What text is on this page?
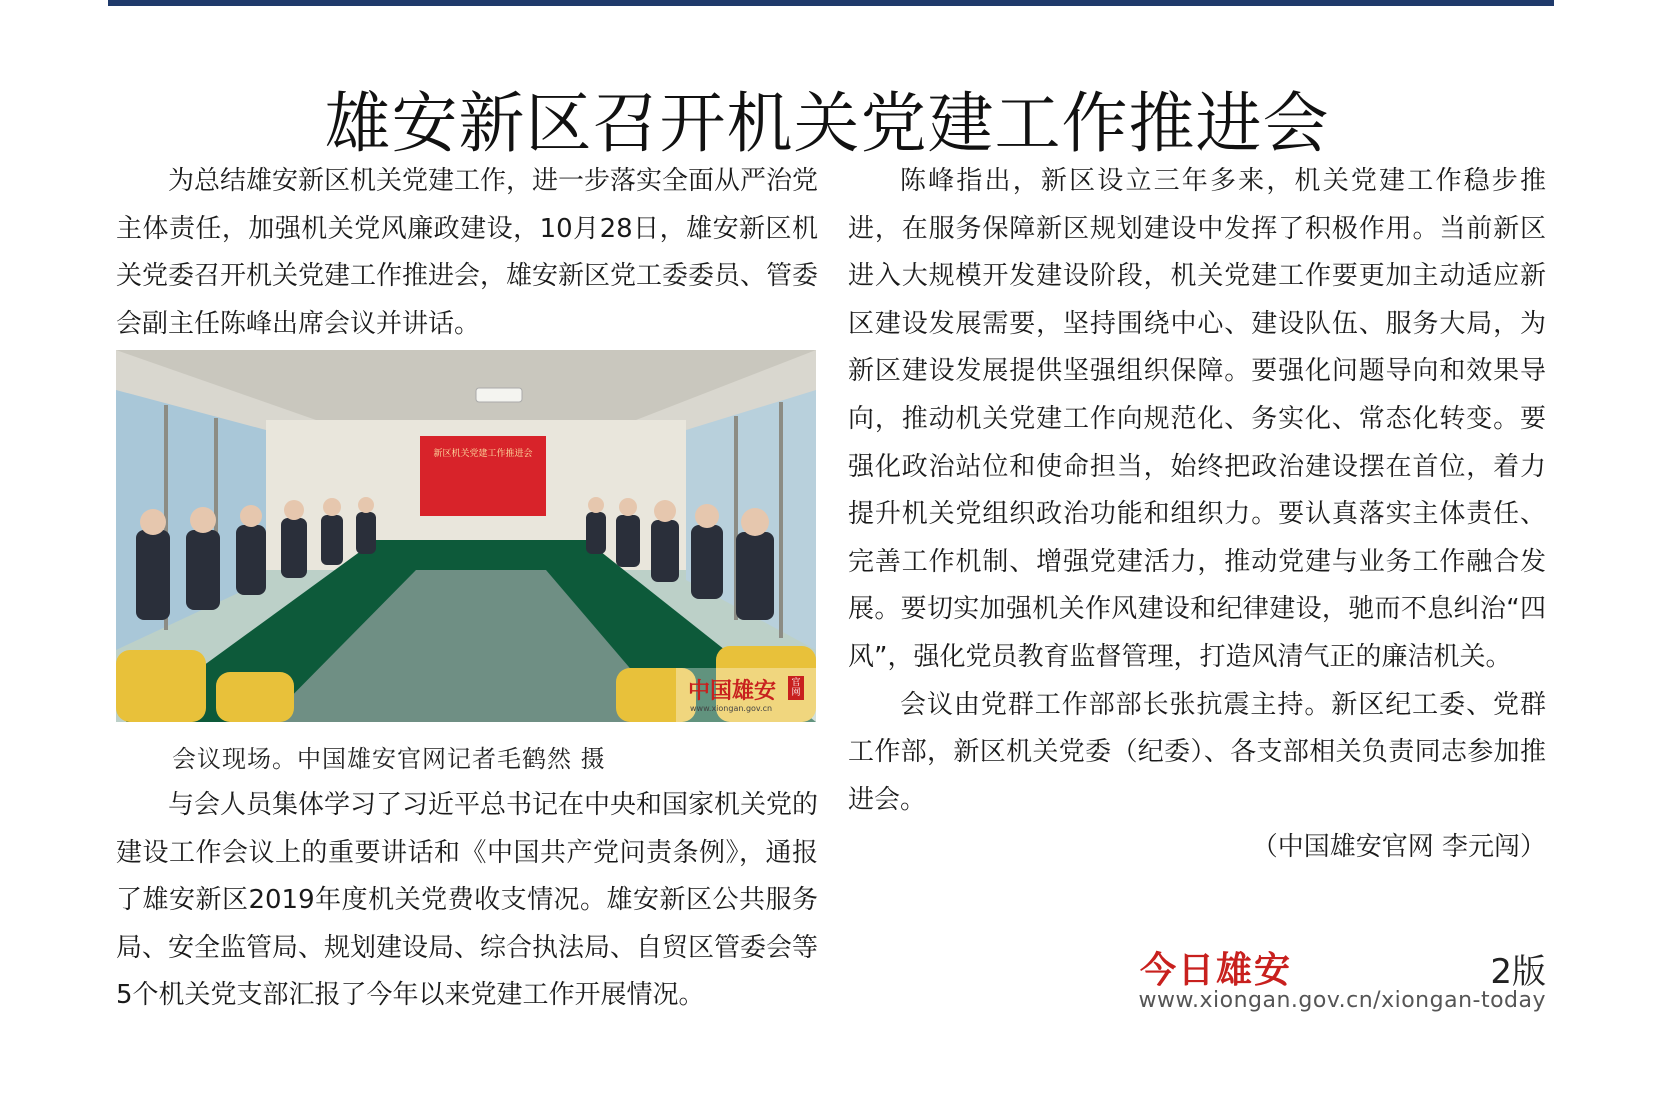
雄安新区召开机关党建工作推进会

为总结雄安新区机关党建工作，进一步落实全面从严治党主体责任，加强机关党风廉政建设，10月28日，雄安新区机关党委召开机关党建工作推进会，雄安新区党工委委员、管委会副主任陈峰出席会议并讲话。

新区机关党建工作推进会
中国雄安	官网
www.xiongan.gov.cn
会议现场。中国雄安官网记者毛鹤然 摄

与会人员集体学习了习近平总书记在中央和国家机关党的建设工作会议上的重要讲话和《中国共产党问责条例》，通报了雄安新区2019年度机关党费收支情况。雄安新区公共服务局、安全监管局、规划建设局、综合执法局、自贸区管委会等5个机关党支部汇报了今年以来党建工作开展情况。

陈峰指出，新区设立三年多来，机关党建工作稳步推进，在服务保障新区规划建设中发挥了积极作用。当前新区进入大规模开发建设阶段，机关党建工作要更加主动适应新区建设发展需要，坚持围绕中心、建设队伍、服务大局，为新区建设发展提供坚强组织保障。要强化问题导向和效果导向，推动机关党建工作向规范化、务实化、常态化转变。要强化政治站位和使命担当，始终把政治建设摆在首位，着力提升机关党组织政治功能和组织力。要认真落实主体责任、完善工作机制、增强党建活力，推动党建与业务工作融合发展。要切实加强机关作风建设和纪律建设，驰而不息纠治“四风”，强化党员教育监督管理，打造风清气正的廉洁机关。

会议由党群工作部部长张抗震主持。新区纪工委、党群工作部，新区机关党委（纪委）、各支部相关负责同志参加推进会。

（中国雄安官网 李元闯）

今日雄安	2版
www.xiongan.gov.cn/xiongan-today
